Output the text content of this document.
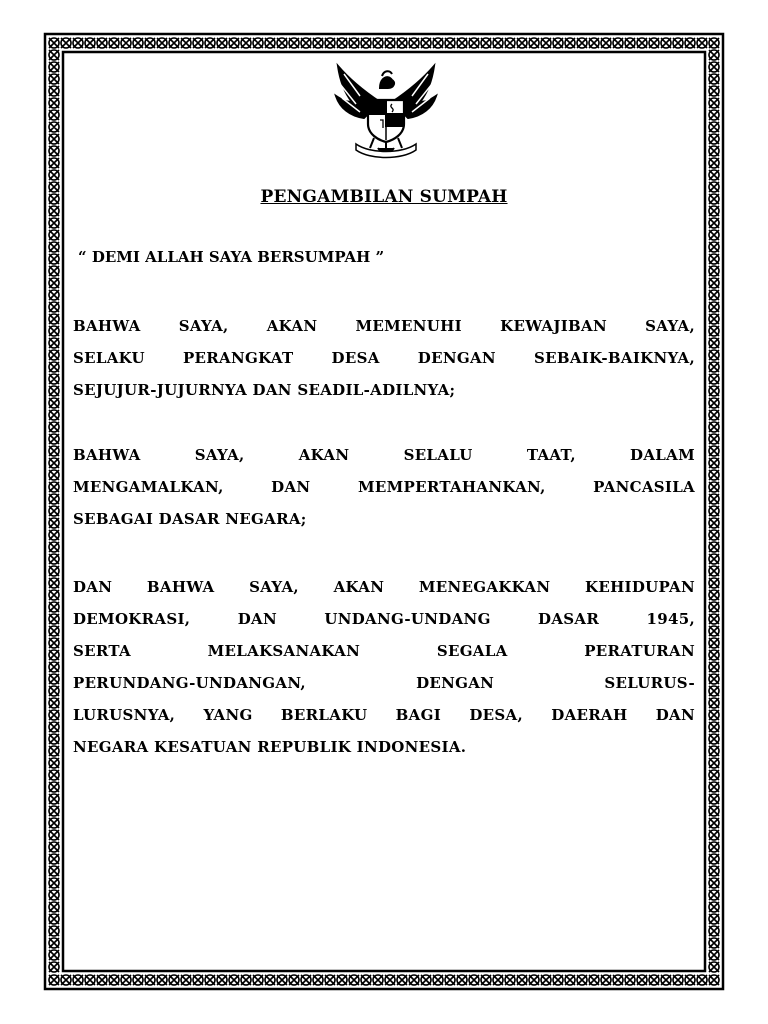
PENGAMBILAN SUMPAH
“ DEMI ALLAH SAYA BERSUMPAH ”
BAHWA SAYA, AKAN MEMENUHI KEWAJIBAN SAYA,
SELAKU PERANGKAT DESA DENGAN SEBAIK-BAIKNYA,
SEJUJUR-JUJURNYA DAN SEADIL-ADILNYA;
BAHWA SAYA, AKAN SELALU TAAT, DALAM
MENGAMALKAN, DAN MEMPERTAHANKAN, PANCASILA
SEBAGAI DASAR NEGARA;
DAN BAHWA SAYA, AKAN MENEGAKKAN KEHIDUPAN
DEMOKRASI, DAN UNDANG-UNDANG DASAR 1945,
SERTA MELAKSANAKAN SEGALA PERATURAN
PERUNDANG-UNDANGAN, DENGAN SELURUS-
LURUSNYA, YANG BERLAKU BAGI DESA, DAERAH DAN
NEGARA KESATUAN REPUBLIK INDONESIA.
